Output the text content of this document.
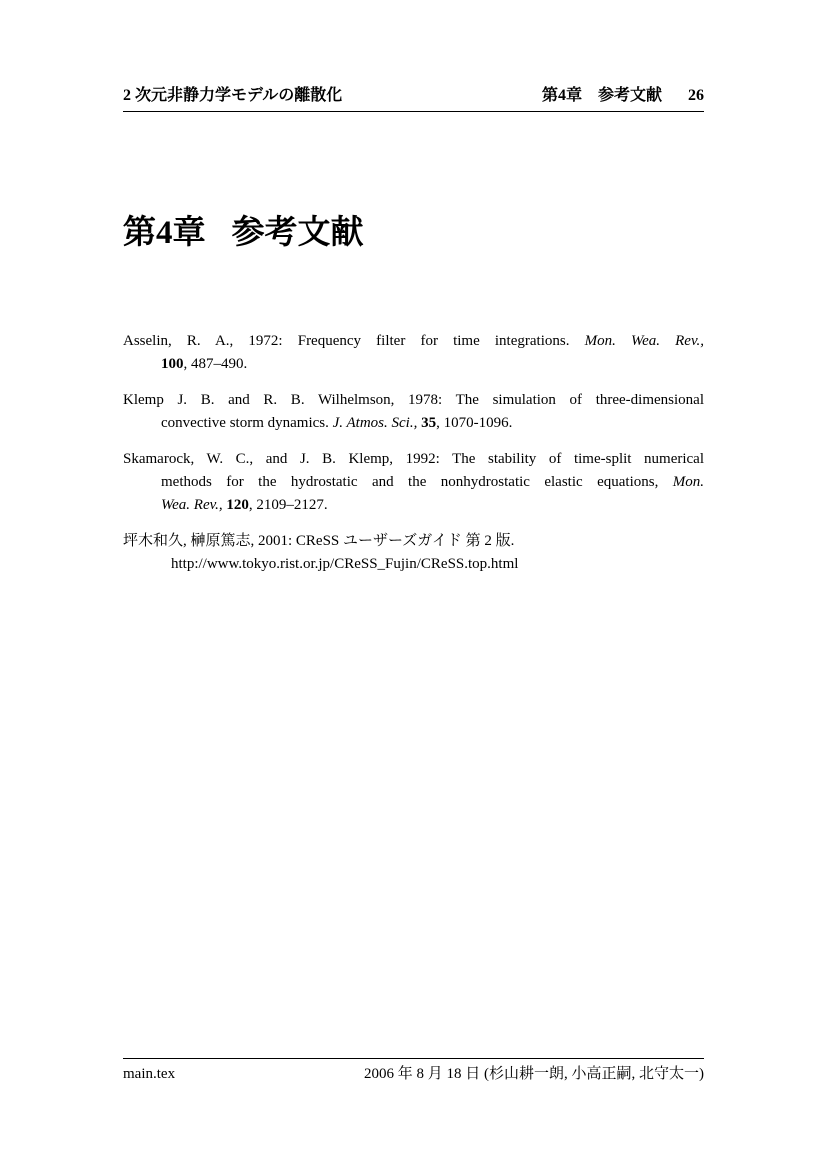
2 次元非静力学モデルの離散化	第4章 参考文献 26
第4章 参考文献
Asselin, R. A., 1972: Frequency filter for time integrations. Mon. Wea. Rev.,
100, 487–490.
Klemp J. B. and R. B. Wilhelmson, 1978: The simulation of three-dimensional
convective storm dynamics. J. Atmos. Sci., 35, 1070-1096.
Skamarock, W. C., and J. B. Klemp, 1992: The stability of time-split numerical
methods for the hydrostatic and the nonhydrostatic elastic equations, Mon.
Wea. Rev., 120, 2109–2127.
坪木和久, 榊原篤志, 2001: CReSS ユーザーズガイド 第 2 版.
http://www.tokyo.rist.or.jp/CReSS_Fujin/CReSS.top.html
main.tex	2006 年 8 月 18 日 (杉山耕一朗, 小高正嗣, 北守太一)
